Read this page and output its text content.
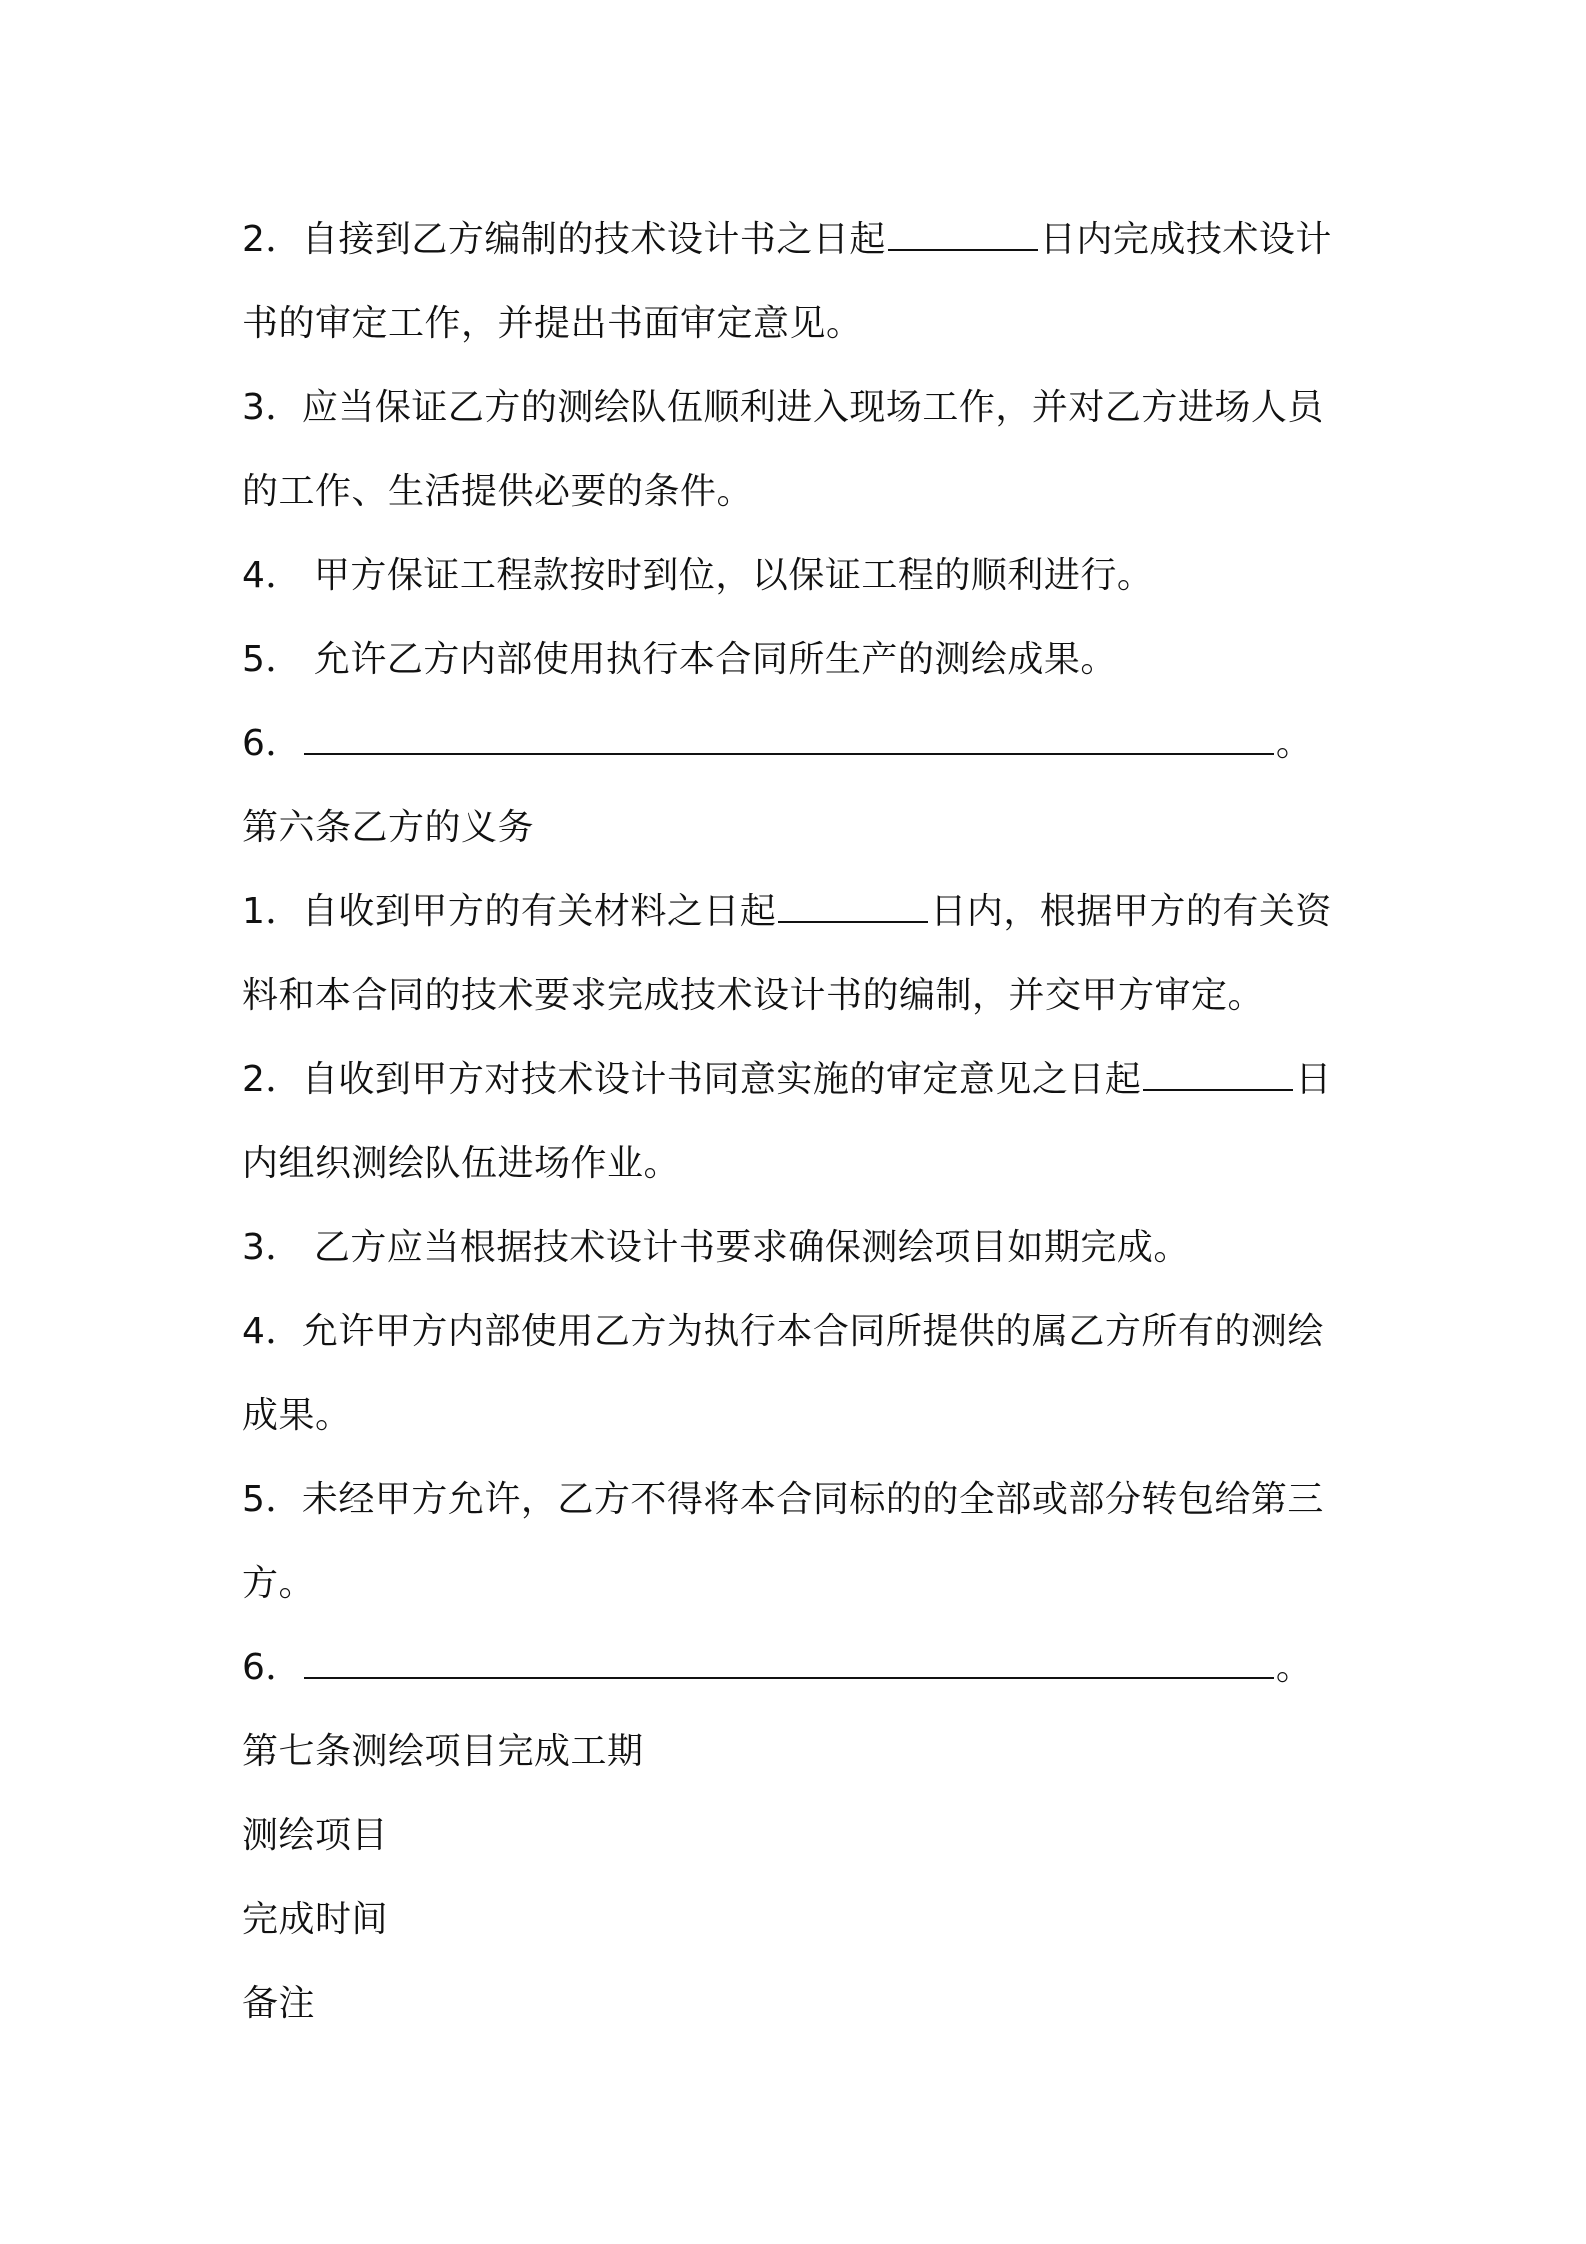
2．自接到乙方编制的技术设计书之日起	日内完成技术设计
书的审定工作，并提出书面审定意见。
3．应当保证乙方的测绘队伍顺利进入现场工作，并对乙方进场人员
的工作、生活提供必要的条件。
4． 甲方保证工程款按时到位，以保证工程的顺利进行。
5． 允许乙方内部使用执行本合同所生产的测绘成果。
6．	。
第六条乙方的义务
1．自收到甲方的有关材料之日起	日内，根据甲方的有关资
料和本合同的技术要求完成技术设计书的编制，并交甲方审定。
2．自收到甲方对技术设计书同意实施的审定意见之日起	日
内组织测绘队伍进场作业。
3． 乙方应当根据技术设计书要求确保测绘项目如期完成。
4．允许甲方内部使用乙方为执行本合同所提供的属乙方所有的测绘
成果。
5．未经甲方允许，乙方不得将本合同标的的全部或部分转包给第三
方。
6．	。
第七条测绘项目完成工期
测绘项目
完成时间
备注
